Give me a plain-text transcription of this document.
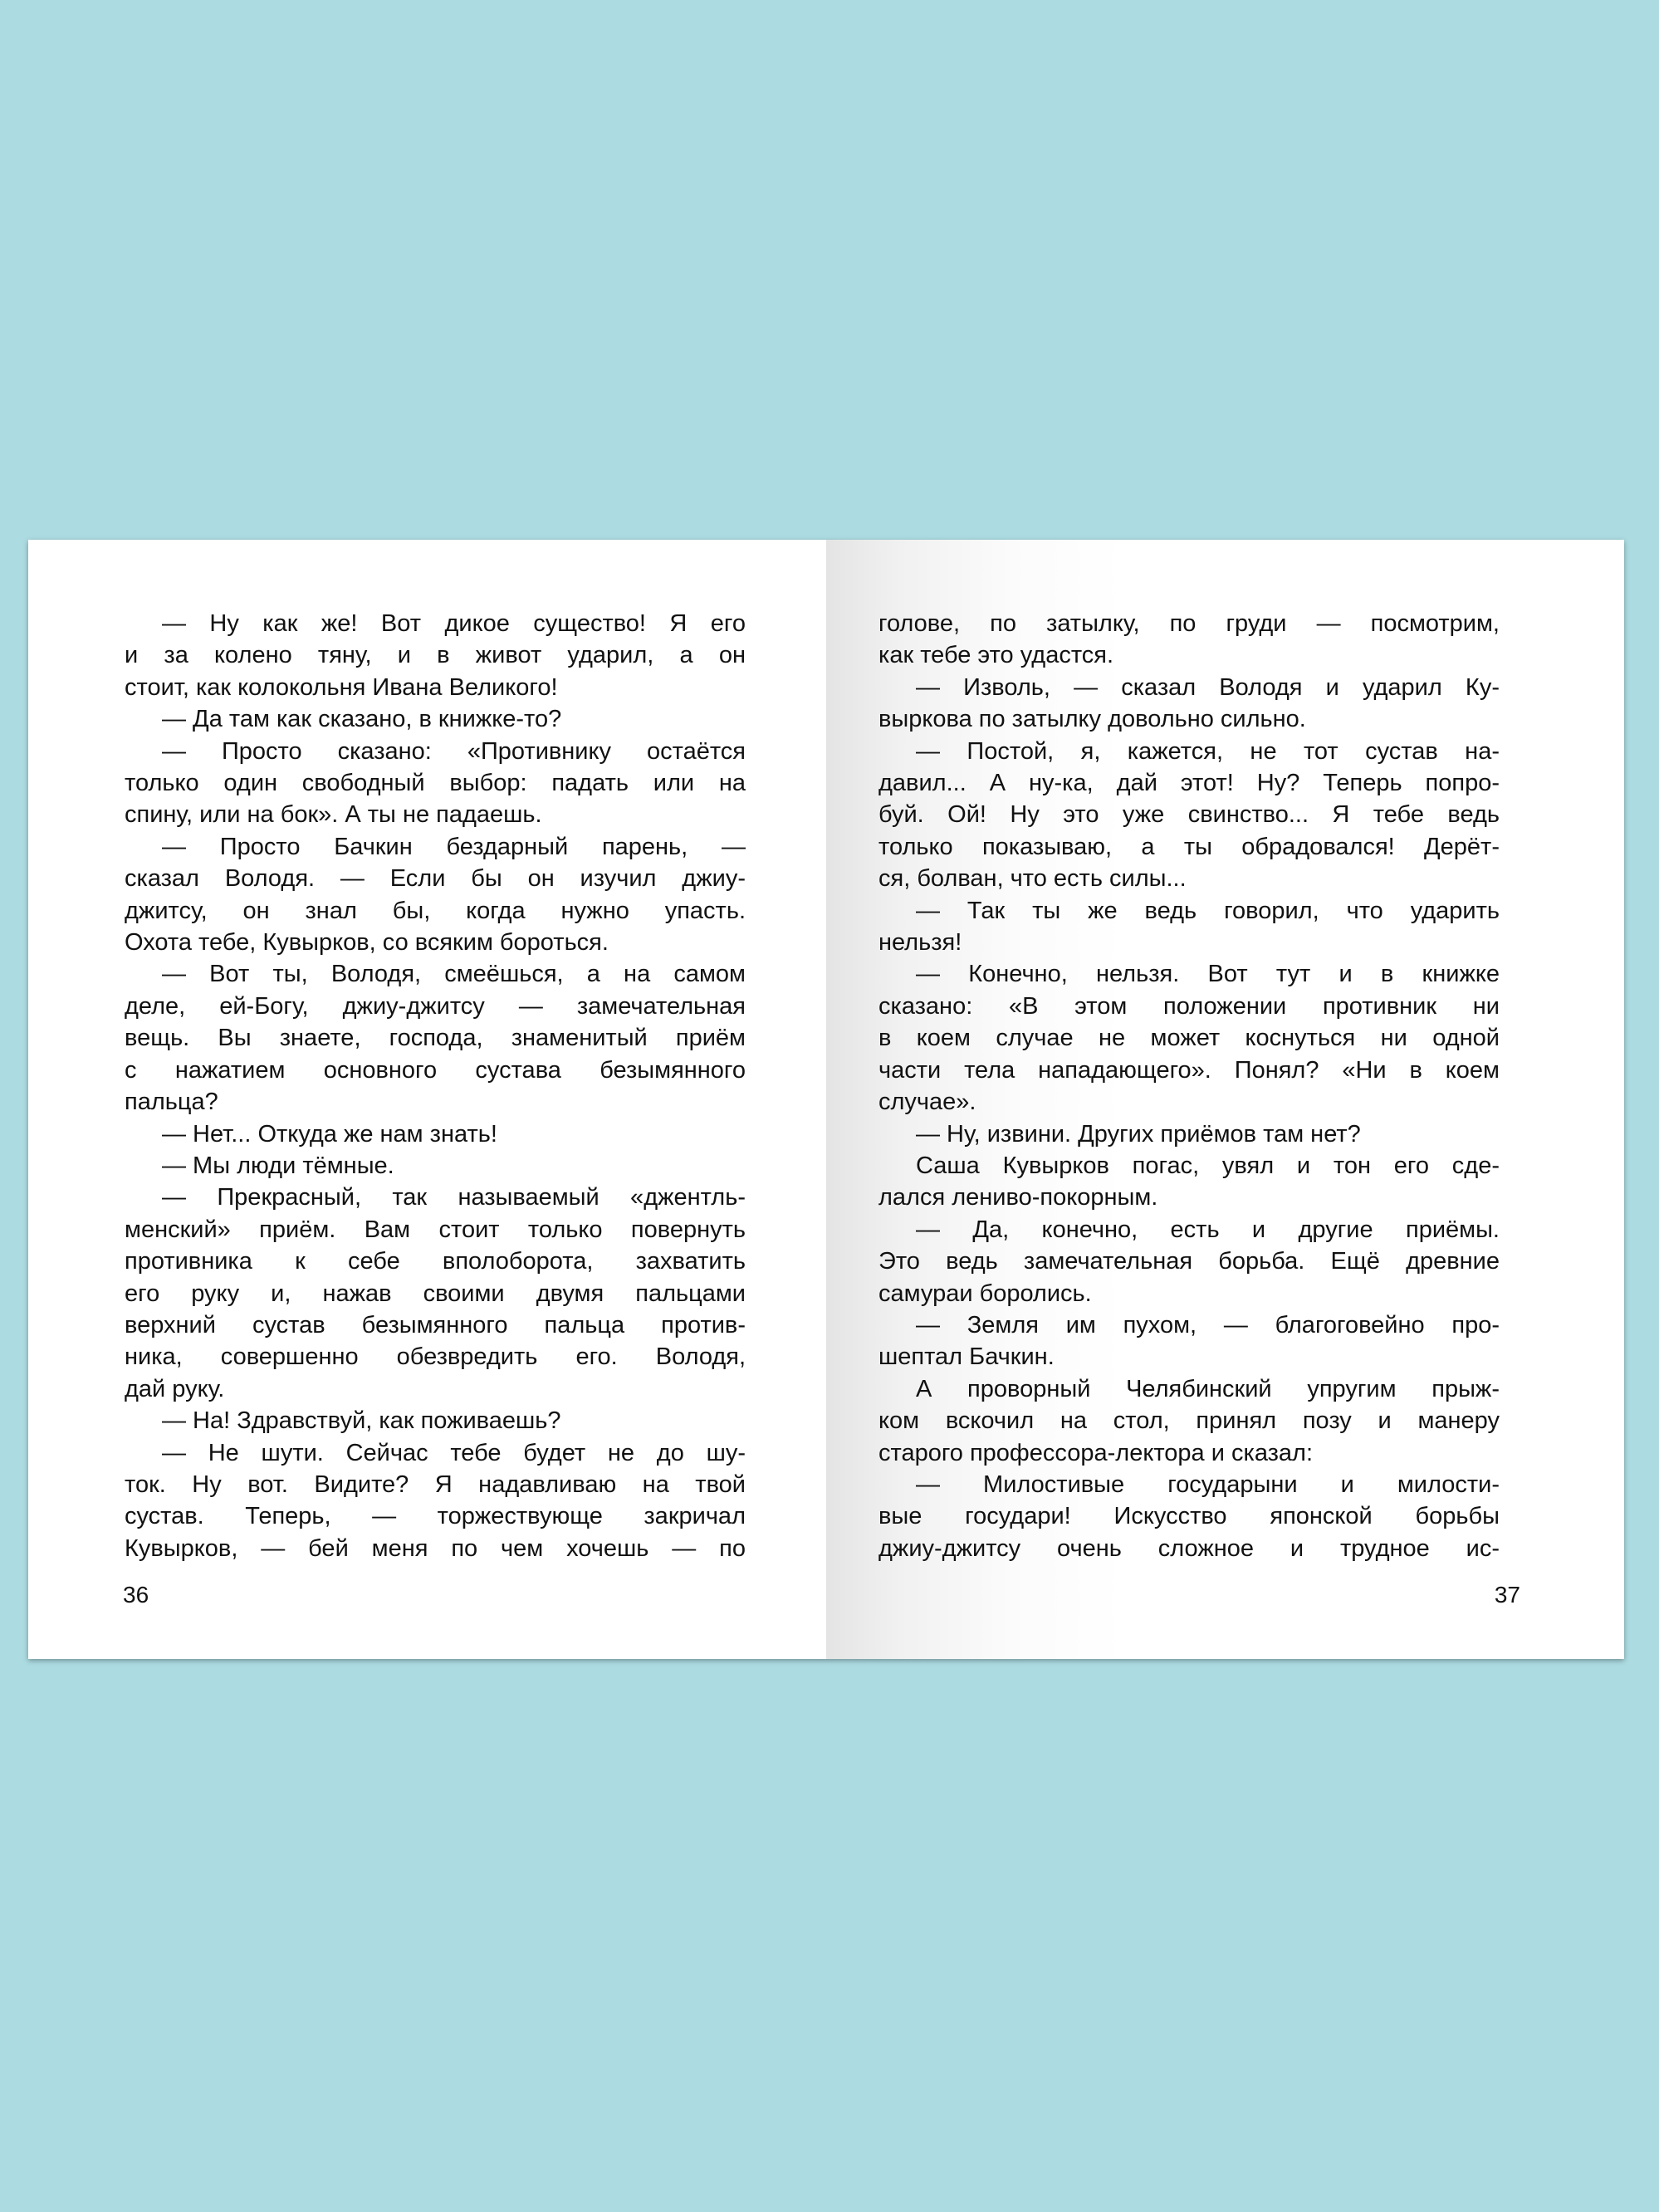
— Ну как же! Вот дикое существо! Я его

и за колено тяну, и в живот ударил, а он

стоит, как колокольня Ивана Великого!

— Да там как сказано, в книжке-то?

— Просто сказано: «Противнику остаётся

только один свободный выбор: падать или на

спину, или на бок». А ты не падаешь.

— Просто Бачкин бездарный парень, —

сказал Володя. — Если бы он изучил джиу-

джитсу, он знал бы, когда нужно упасть.

Охота тебе, Кувырков, со всяким бороться.

— Вот ты, Володя, смеёшься, а на самом

деле, ей-Богу, джиу-джитсу — замечательная

вещь. Вы знаете, господа, знаменитый приём

с нажатием основного сустава безымянного

пальца?

— Нет... Откуда же нам знать!

— Мы люди тёмные.

— Прекрасный, так называемый «джентль-

менский» приём. Вам стоит только повернуть

противника к себе вполоборота, захватить

его руку и, нажав своими двумя пальцами

верхний сустав безымянного пальца против-

ника, совершенно обезвредить его. Володя,

дай руку.

— На! Здравствуй, как поживаешь?

— Не шути. Сейчас тебе будет не до шу-

ток. Ну вот. Видите? Я надавливаю на твой

сустав. Теперь, — торжествующе закричал

Кувырков, — бей меня по чем хочешь — по

36

голове, по затылку, по груди — посмотрим,

как тебе это удастся.

— Изволь, — сказал Володя и ударил Ку-

выркова по затылку довольно сильно.

— Постой, я, кажется, не тот сустав на-

давил... А ну-ка, дай этот! Ну? Теперь попро-

буй. Ой! Ну это уже свинство... Я тебе ведь

только показываю, а ты обрадовался! Дерёт-

ся, болван, что есть силы...

— Так ты же ведь говорил, что ударить

нельзя!

— Конечно, нельзя. Вот тут и в книжке

сказано: «В этом положении противник ни

в коем случае не может коснуться ни одной

части тела нападающего». Понял? «Ни в коем

случае».

— Ну, извини. Других приёмов там нет?

Саша Кувырков погас, увял и тон его сде-

лался лениво-покорным.

— Да, конечно, есть и другие приёмы.

Это ведь замечательная борьба. Ещё древние

самураи боролись.

— Земля им пухом, — благоговейно про-

шептал Бачкин.

А проворный Челябинский упругим прыж-

ком вскочил на стол, принял позу и манеру

старого профессора-лектора и сказал:

— Милостивые государыни и милости-

вые государи! Искусство японской борьбы

джиу-джитсу очень сложное и трудное ис-

37
